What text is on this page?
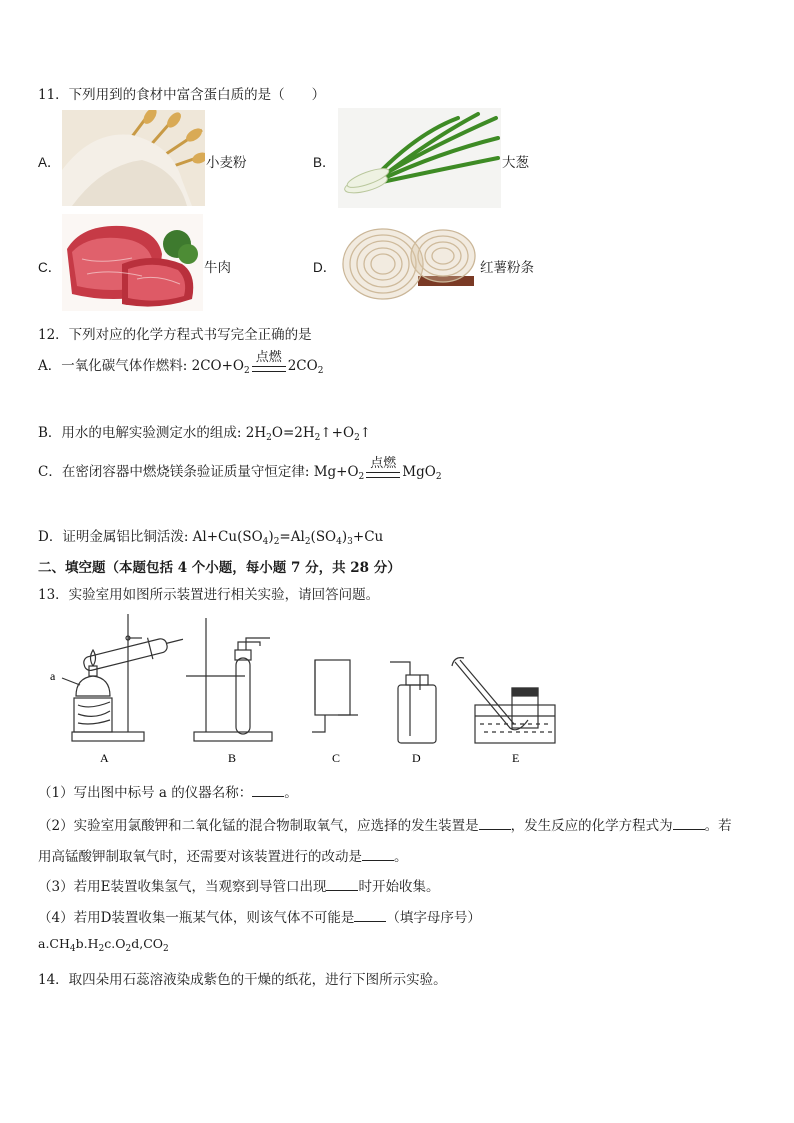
11．下列用到的食材中富含蛋白质的是（　　）
A．	小麦粉	B．	大葱
C．	牛肉	D．	红薯粉条
12．下列对应的化学方程式书写完全正确的是
A．一氧化碳气体作燃料: $2CO+O_2$
点燃
$2CO_2$
B．用水的电解实验测定水的组成: $2H_2O=2H_2↑+O_2↑$
C．在密闭容器中燃烧镁条验证质量守恒定律: $Mg+O_2$
点燃
MgO$_2$
D．证明金属铝比铜活泼: $Al+Cu(SO_4)_2=Al_2(SO_4)_3+Cu$
二、填空题（本题包括 4 个小题，每小题 7 分，共 28 分）
13．实验室用如图所示装置进行相关实验，请回答问题。
a
A	B	C	D	E
（1）写出图中标号 a 的仪器名称： 。
（2）实验室用氯酸钾和二氧化锰的混合物制取氧气，应选择的发生装置是 ，发生反应的化学方程式为 。若
用高锰酸钾制取氧气时，还需要对该装置进行的改动是 。
（3）若用E装置收集氢气，当观察到导管口出现 时开始收集。
（4）若用D装置收集一瓶某气体，则该气体不可能是 （填字母序号）
$a.CH_4b.H_2c.O_2d,CO_2$
14．取四朵用石蕊溶液染成紫色的干燥的纸花，进行下图所示实验。
